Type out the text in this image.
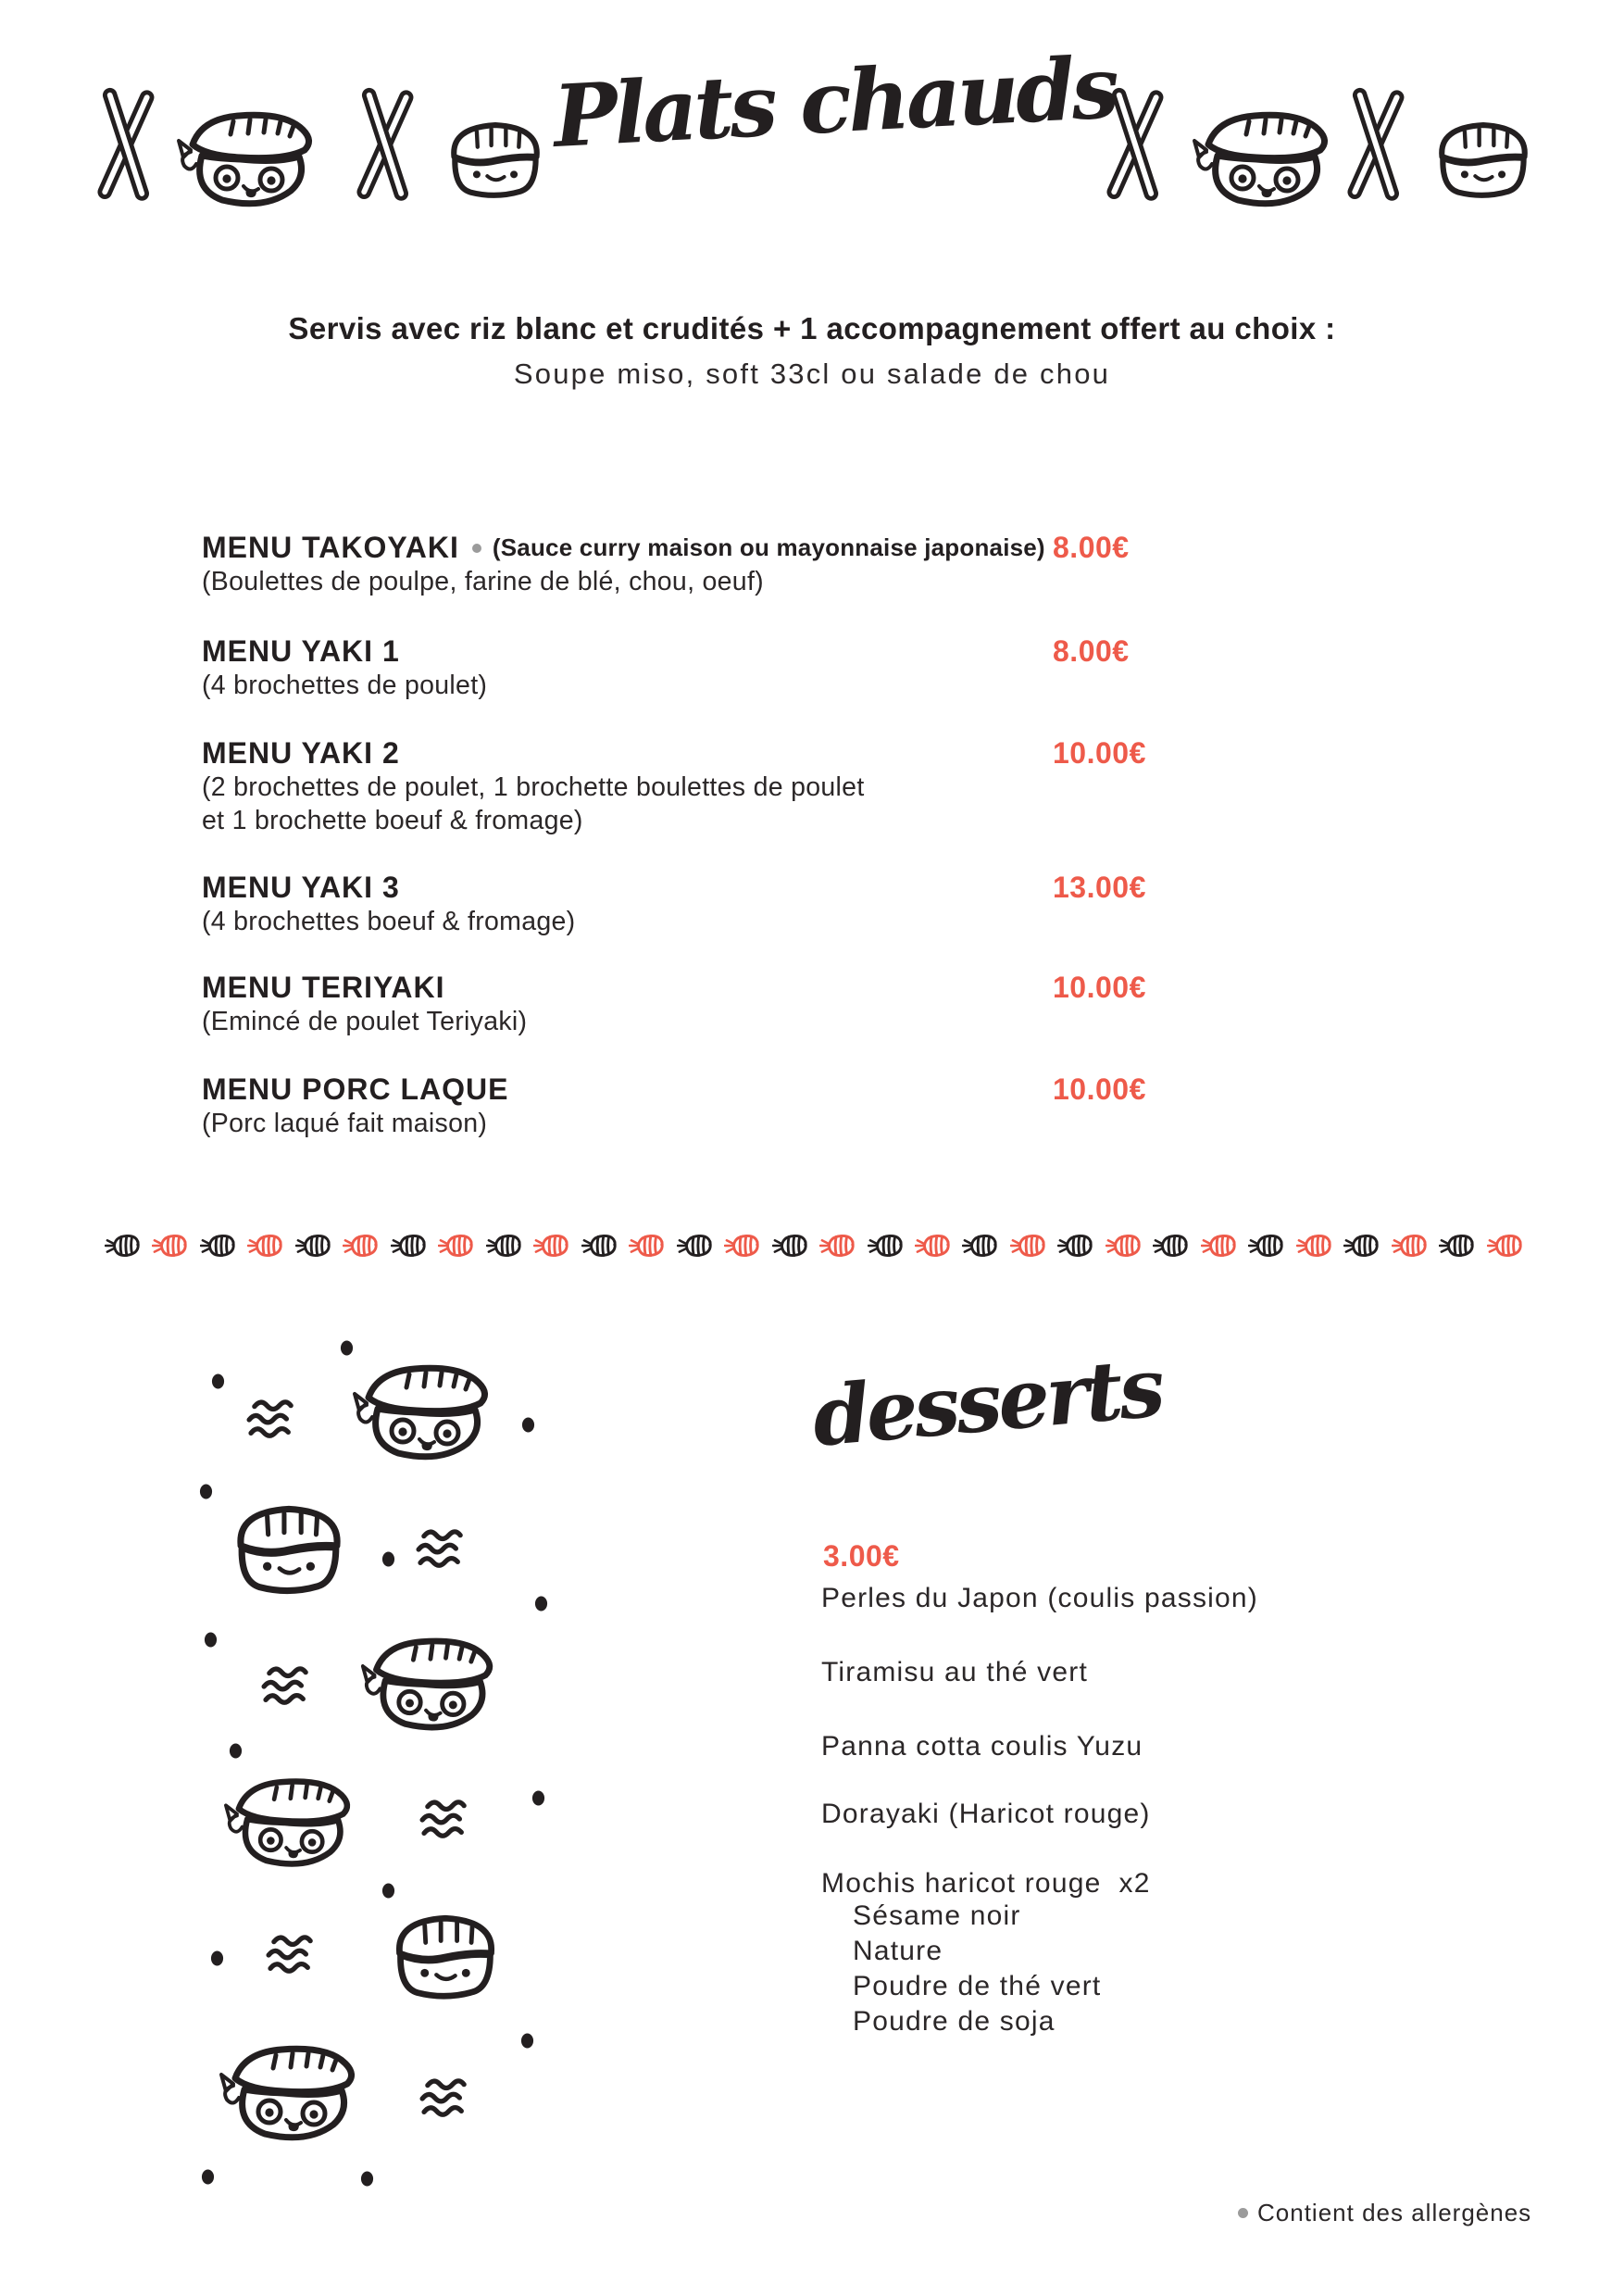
Plats chauds
Servis avec riz blanc et crudités + 1 accompagnement offert au choix :
Soupe miso, soft 33cl ou salade de chou
MENU TAKOYAKI (Sauce curry maison ou mayonnaise japonaise)
(Boulettes de poulpe, farine de blé, chou, oeuf)
8.00€
MENU YAKI 1
(4 brochettes de poulet)
8.00€
MENU YAKI 2
(2 brochettes de poulet, 1 brochette boulettes de poulet
et 1 brochette boeuf & fromage)
10.00€
MENU YAKI 3
(4 brochettes boeuf & fromage)
13.00€
MENU TERIYAKI
(Emincé de poulet Teriyaki)
10.00€
MENU PORC LAQUE
(Porc laqué fait maison)
10.00€
desserts
3.00€
Perles du Japon (coulis passion)
Tiramisu au thé vert
Panna cotta coulis Yuzu
Dorayaki (Haricot rouge)
Mochis haricot rouge  x2
Sésame noir
Nature
Poudre de thé vert
Poudre de soja
Contient des allergènes
